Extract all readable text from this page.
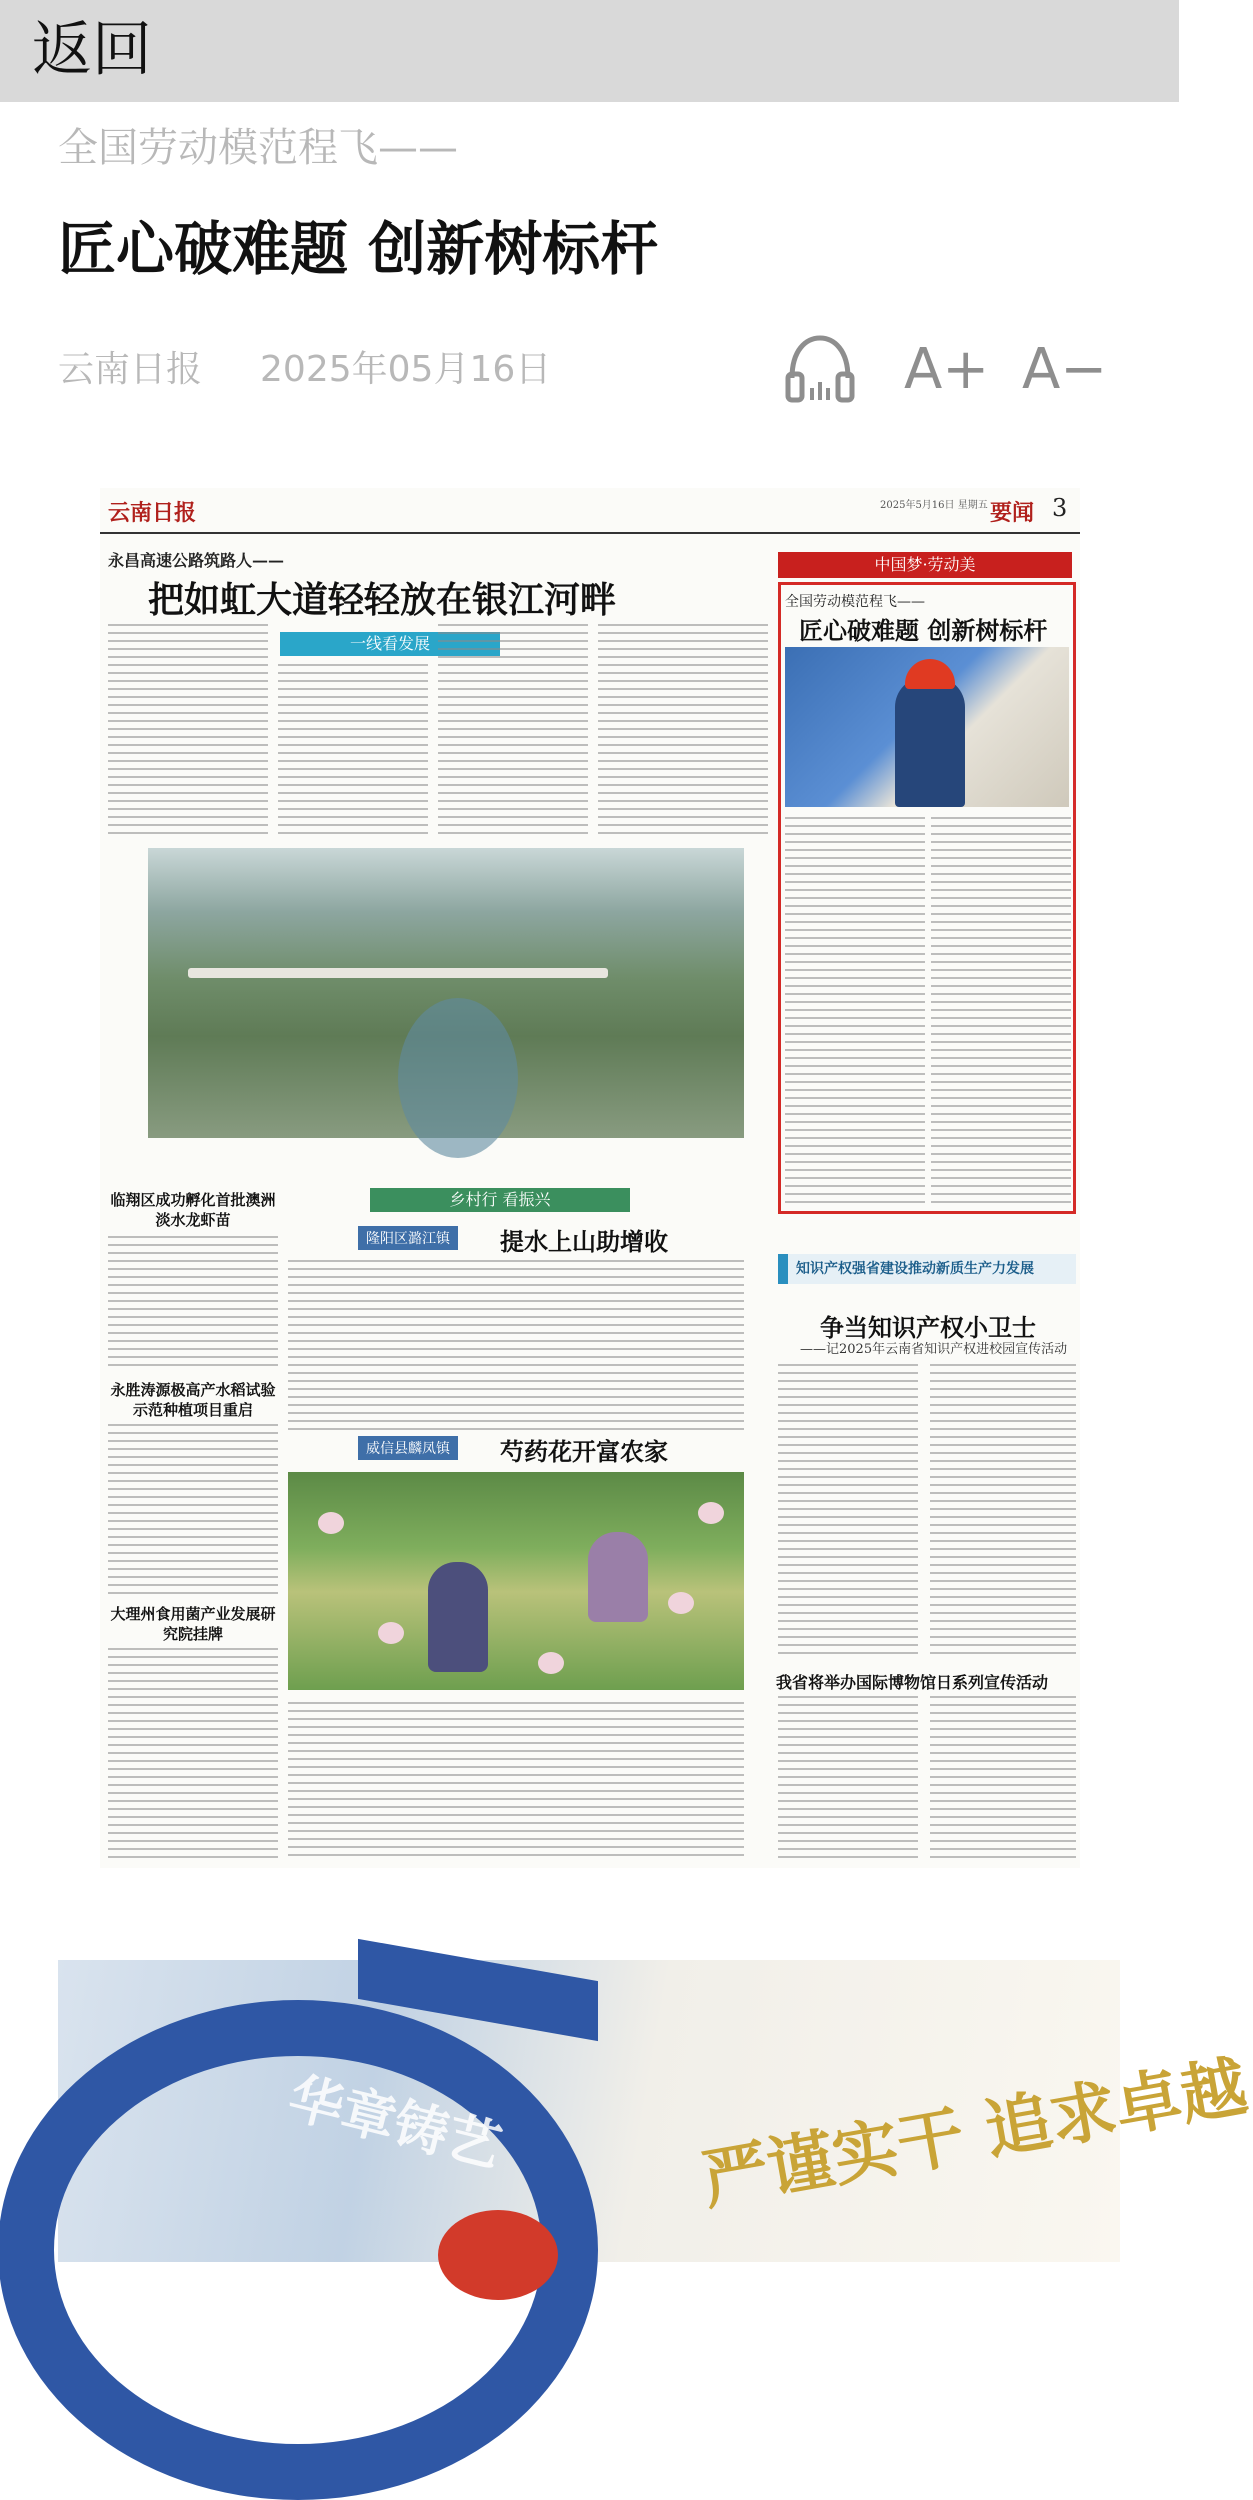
返回
全国劳动模范程飞——
匠心破难题 创新树标杆
云南日报 2025年05月16日	A+ A−
云南日报	2025年5月16日 星期五 要闻 3
永昌高速公路筑路人——
把如虹大道轻轻放在银江河畔
一线看发展
中国梦·劳动美
全国劳动模范程飞——
匠心破难题 创新树标杆
临翔区成功孵化首批澳洲淡水龙虾苗
永胜涛源极高产水稻试验示范种植项目重启
大理州食用菌产业发展研究院挂牌
乡村行 看振兴
隆阳区潞江镇	提水上山助增收
威信县麟凤镇	芍药花开富农家
知识产权强省建设推动新质生产力发展
争当知识产权小卫士
——记2025年云南省知识产权进校园宣传活动
我省将举办国际博物馆日系列宣传活动
华章铸艺	严谨实干 追求卓越
